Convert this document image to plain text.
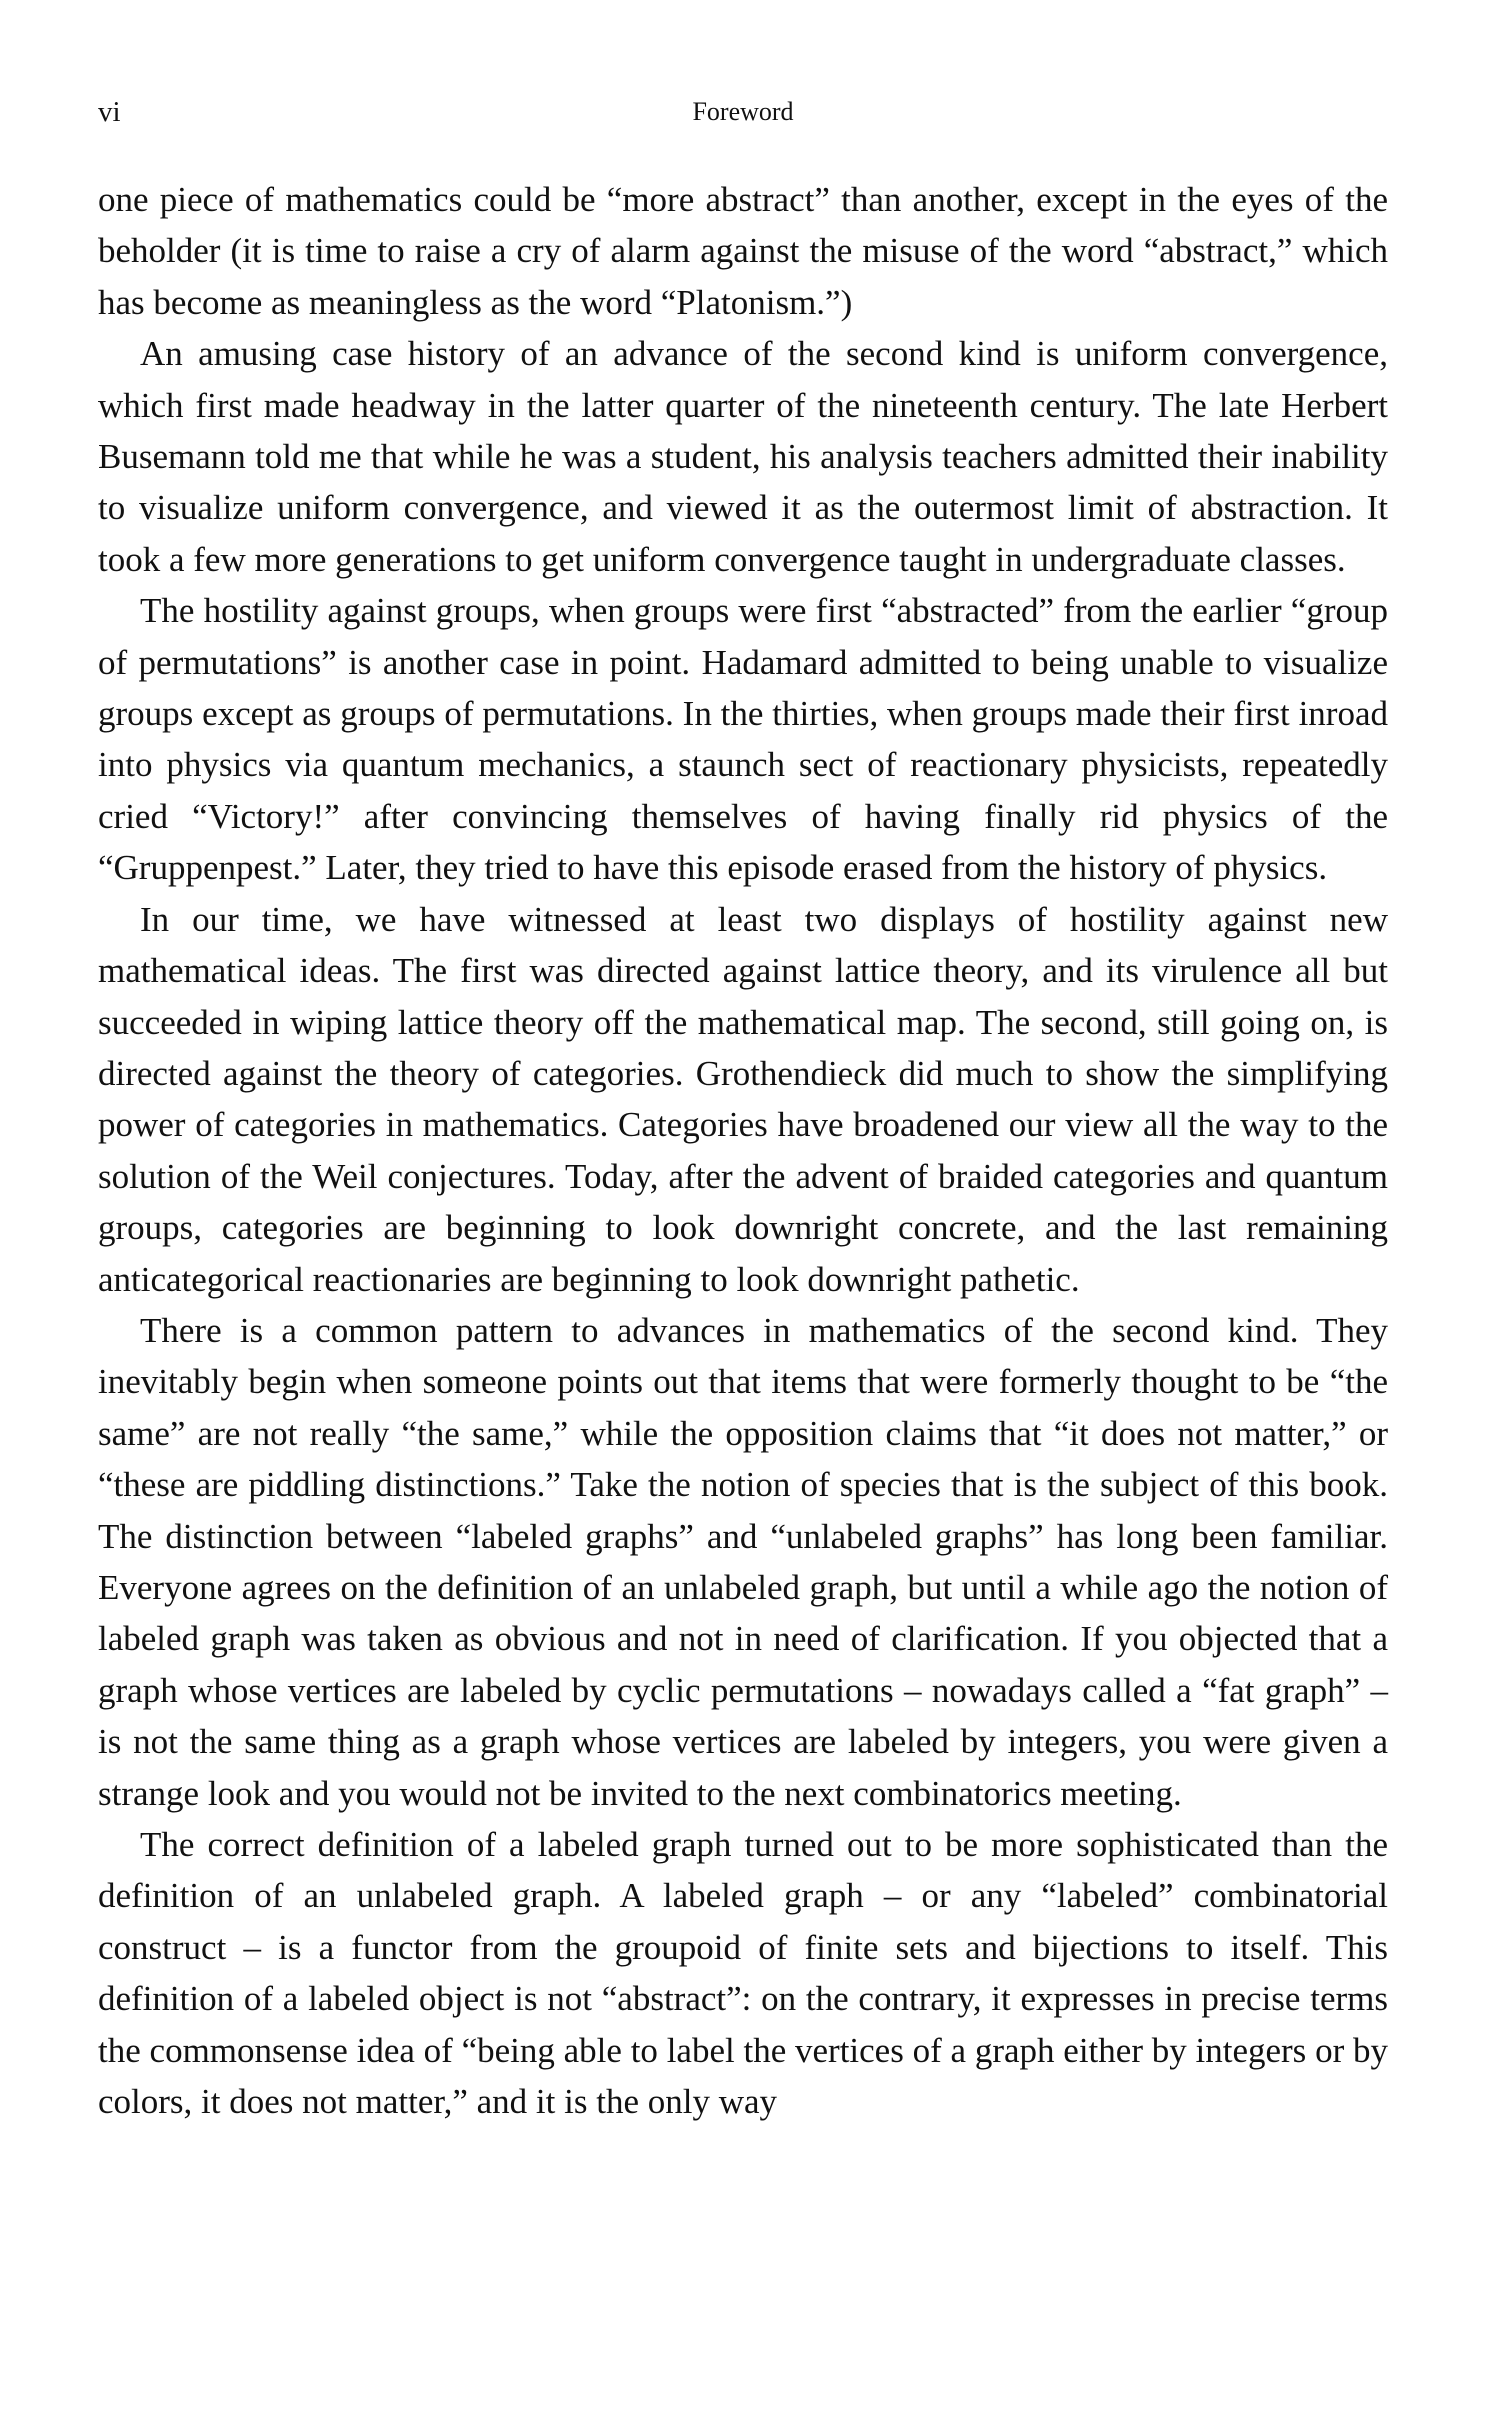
vi	Foreword

one piece of mathematics could be “more abstract” than another, except in the eyes of the beholder (it is time to raise a cry of alarm against the misuse of the word “abstract,” which has become as meaningless as the word “Platonism.”)

An amusing case history of an advance of the second kind is uniform convergence, which first made headway in the latter quarter of the nineteenth century. The late Herbert Busemann told me that while he was a student, his analysis teachers admitted their inability to visualize uniform convergence, and viewed it as the outermost limit of abstraction. It took a few more generations to get uniform convergence taught in undergraduate classes.

The hostility against groups, when groups were first “abstracted” from the earlier “group of permutations” is another case in point. Hadamard admitted to being unable to visualize groups except as groups of permutations. In the thirties, when groups made their first inroad into physics via quantum mechanics, a staunch sect of reactionary physicists, repeatedly cried “Victory!” after convincing themselves of having finally rid physics of the “Gruppenpest.” Later, they tried to have this episode erased from the history of physics.

In our time, we have witnessed at least two displays of hostility against new mathematical ideas. The first was directed against lattice theory, and its virulence all but succeeded in wiping lattice theory off the mathematical map. The second, still going on, is directed against the theory of categories. Grothendieck did much to show the simplifying power of categories in mathematics. Categories have broadened our view all the way to the solution of the Weil conjectures. Today, after the advent of braided categories and quantum groups, categories are beginning to look downright concrete, and the last remaining anticategorical reactionaries are beginning to look downright pathetic.

There is a common pattern to advances in mathematics of the second kind. They inevitably begin when someone points out that items that were formerly thought to be “the same” are not really “the same,” while the opposition claims that “it does not matter,” or “these are piddling distinctions.” Take the notion of species that is the subject of this book. The distinction between “labeled graphs” and “unlabeled graphs” has long been familiar. Everyone agrees on the definition of an unlabeled graph, but until a while ago the notion of labeled graph was taken as obvious and not in need of clarification. If you objected that a graph whose vertices are labeled by cyclic permutations – nowadays called a “fat graph” – is not the same thing as a graph whose vertices are labeled by integers, you were given a strange look and you would not be invited to the next combinatorics meeting.

The correct definition of a labeled graph turned out to be more sophisticated than the definition of an unlabeled graph. A labeled graph – or any “labeled” combinatorial construct – is a functor from the groupoid of finite sets and bijections to itself. This definition of a labeled object is not “abstract”: on the contrary, it expresses in precise terms the commonsense idea of “being able to label the vertices of a graph either by integers or by colors, it does not matter,” and it is the only way
